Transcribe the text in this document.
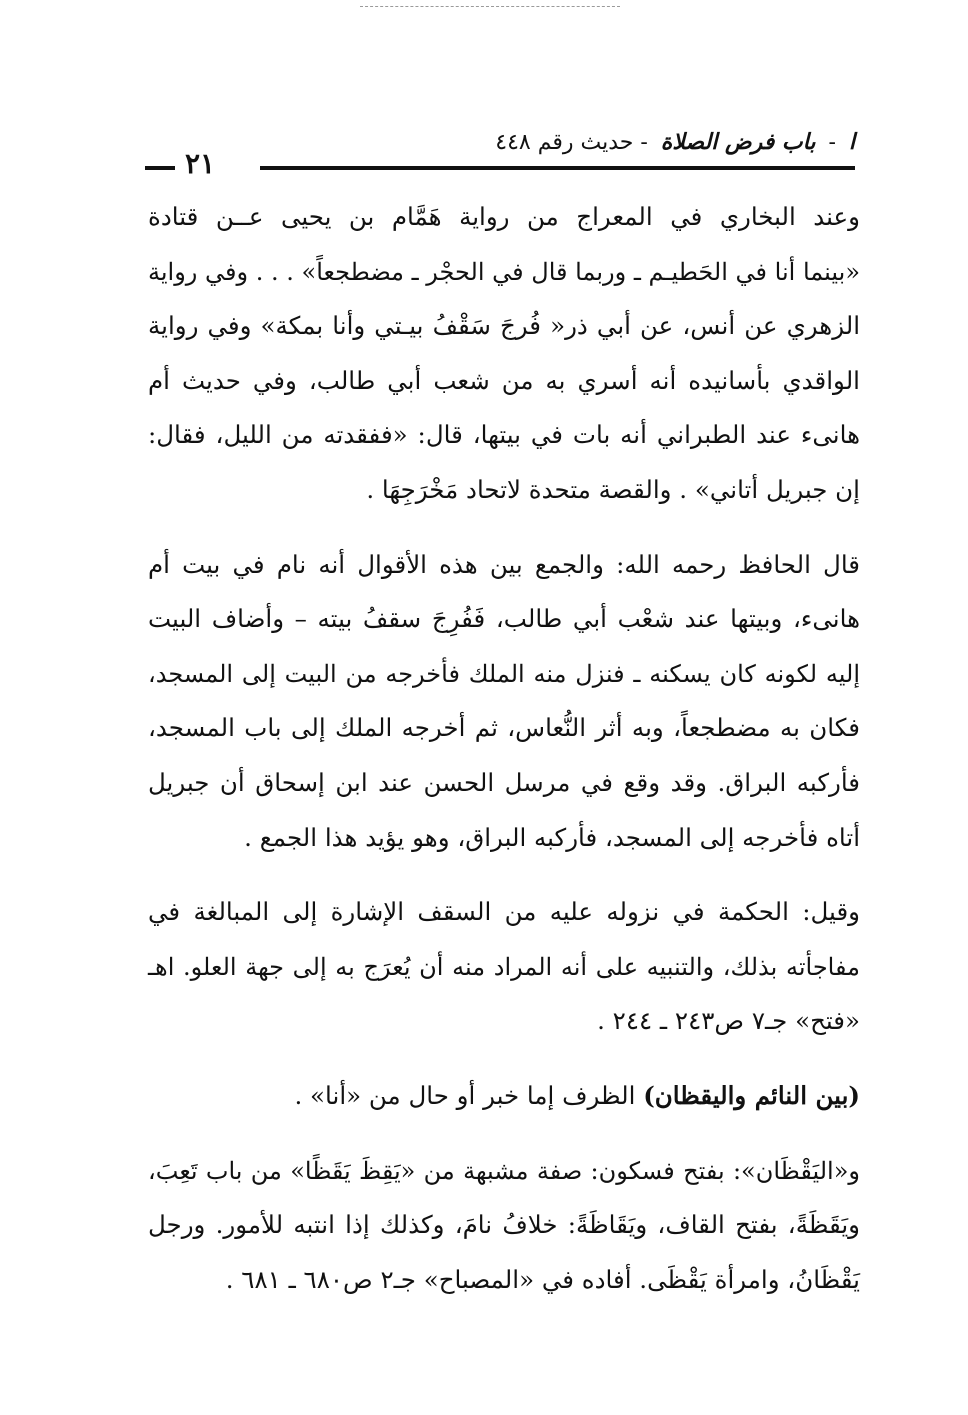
ا - باب فرض الصلاة - حديث رقم ٤٤٨
٢١
وعند البخاري في المعراج من رواية هَمَّام بن يحيى عــن قتادة
«بينما أنا في الحَطيـم ـ وربما قال في الحجْر ـ مضطجعاً» . . . وفي رواية
الزهري عن أنس، عن أبي ذر« فُرجَ سَقْفُ بيـتي وأنا بمكة» وفي رواية
الواقدي بأسانيده أنه أسري به من شعب أبي طالب، وفي حديث أم
هانىء عند الطبراني أنه بات في بيتها، قال: «ففقدته من الليل، فقال:
إن جبريل أتاني» . والقصة متحدة لاتحاد مَخْرَجِهَا .
قال الحافظ رحمه الله: والجمع بين هذه الأقوال أنه نام في بيت أم
هانىء، وبيتها عند شعْب أبي طالب، فَفُرِجَ سقفُ بيته – وأضاف البيت
إليه لكونه كان يسكنه ـ فنزل منه الملك فأخرجه من البيت إلى المسجد،
فكان به مضطجعاً، وبه أثر النُّعاس، ثم أخرجه الملك إلى باب المسجد،
فأركبه البراق. وقد وقع في مرسل الحسن عند ابن إسحاق أن جبريل
أتاه فأخرجه إلى المسجد، فأركبه البراق، وهو يؤيد هذا الجمع .
وقيل: الحكمة في نزوله عليه من السقف الإشارة إلى المبالغة في
مفاجأته بذلك، والتنبيه على أنه المراد منه أن يُعرَج به إلى جهة العلو. اهـ
«فتح» جـ٧ ص٢٤٣ ـ ٢٤٤ .
(بين النائم واليقظان) الظرف إما خبر أو حال من «أنا» .
و«اليَقْظَان»: بفتح فسكون: صفة مشبهة من «يَقِظَ يَقَظًا» من باب تَعِبَ،
ويَقَظَةً، بفتح القاف، ويَقَاظَةً: خلافُ نامَ، وكذلك إذا انتبه للأمور. ورجل
يَقْظَانُ، وامرأة يَقْظَى. أفاده في «المصباح» جـ٢ ص٦٨٠ ـ ٦٨١ .
